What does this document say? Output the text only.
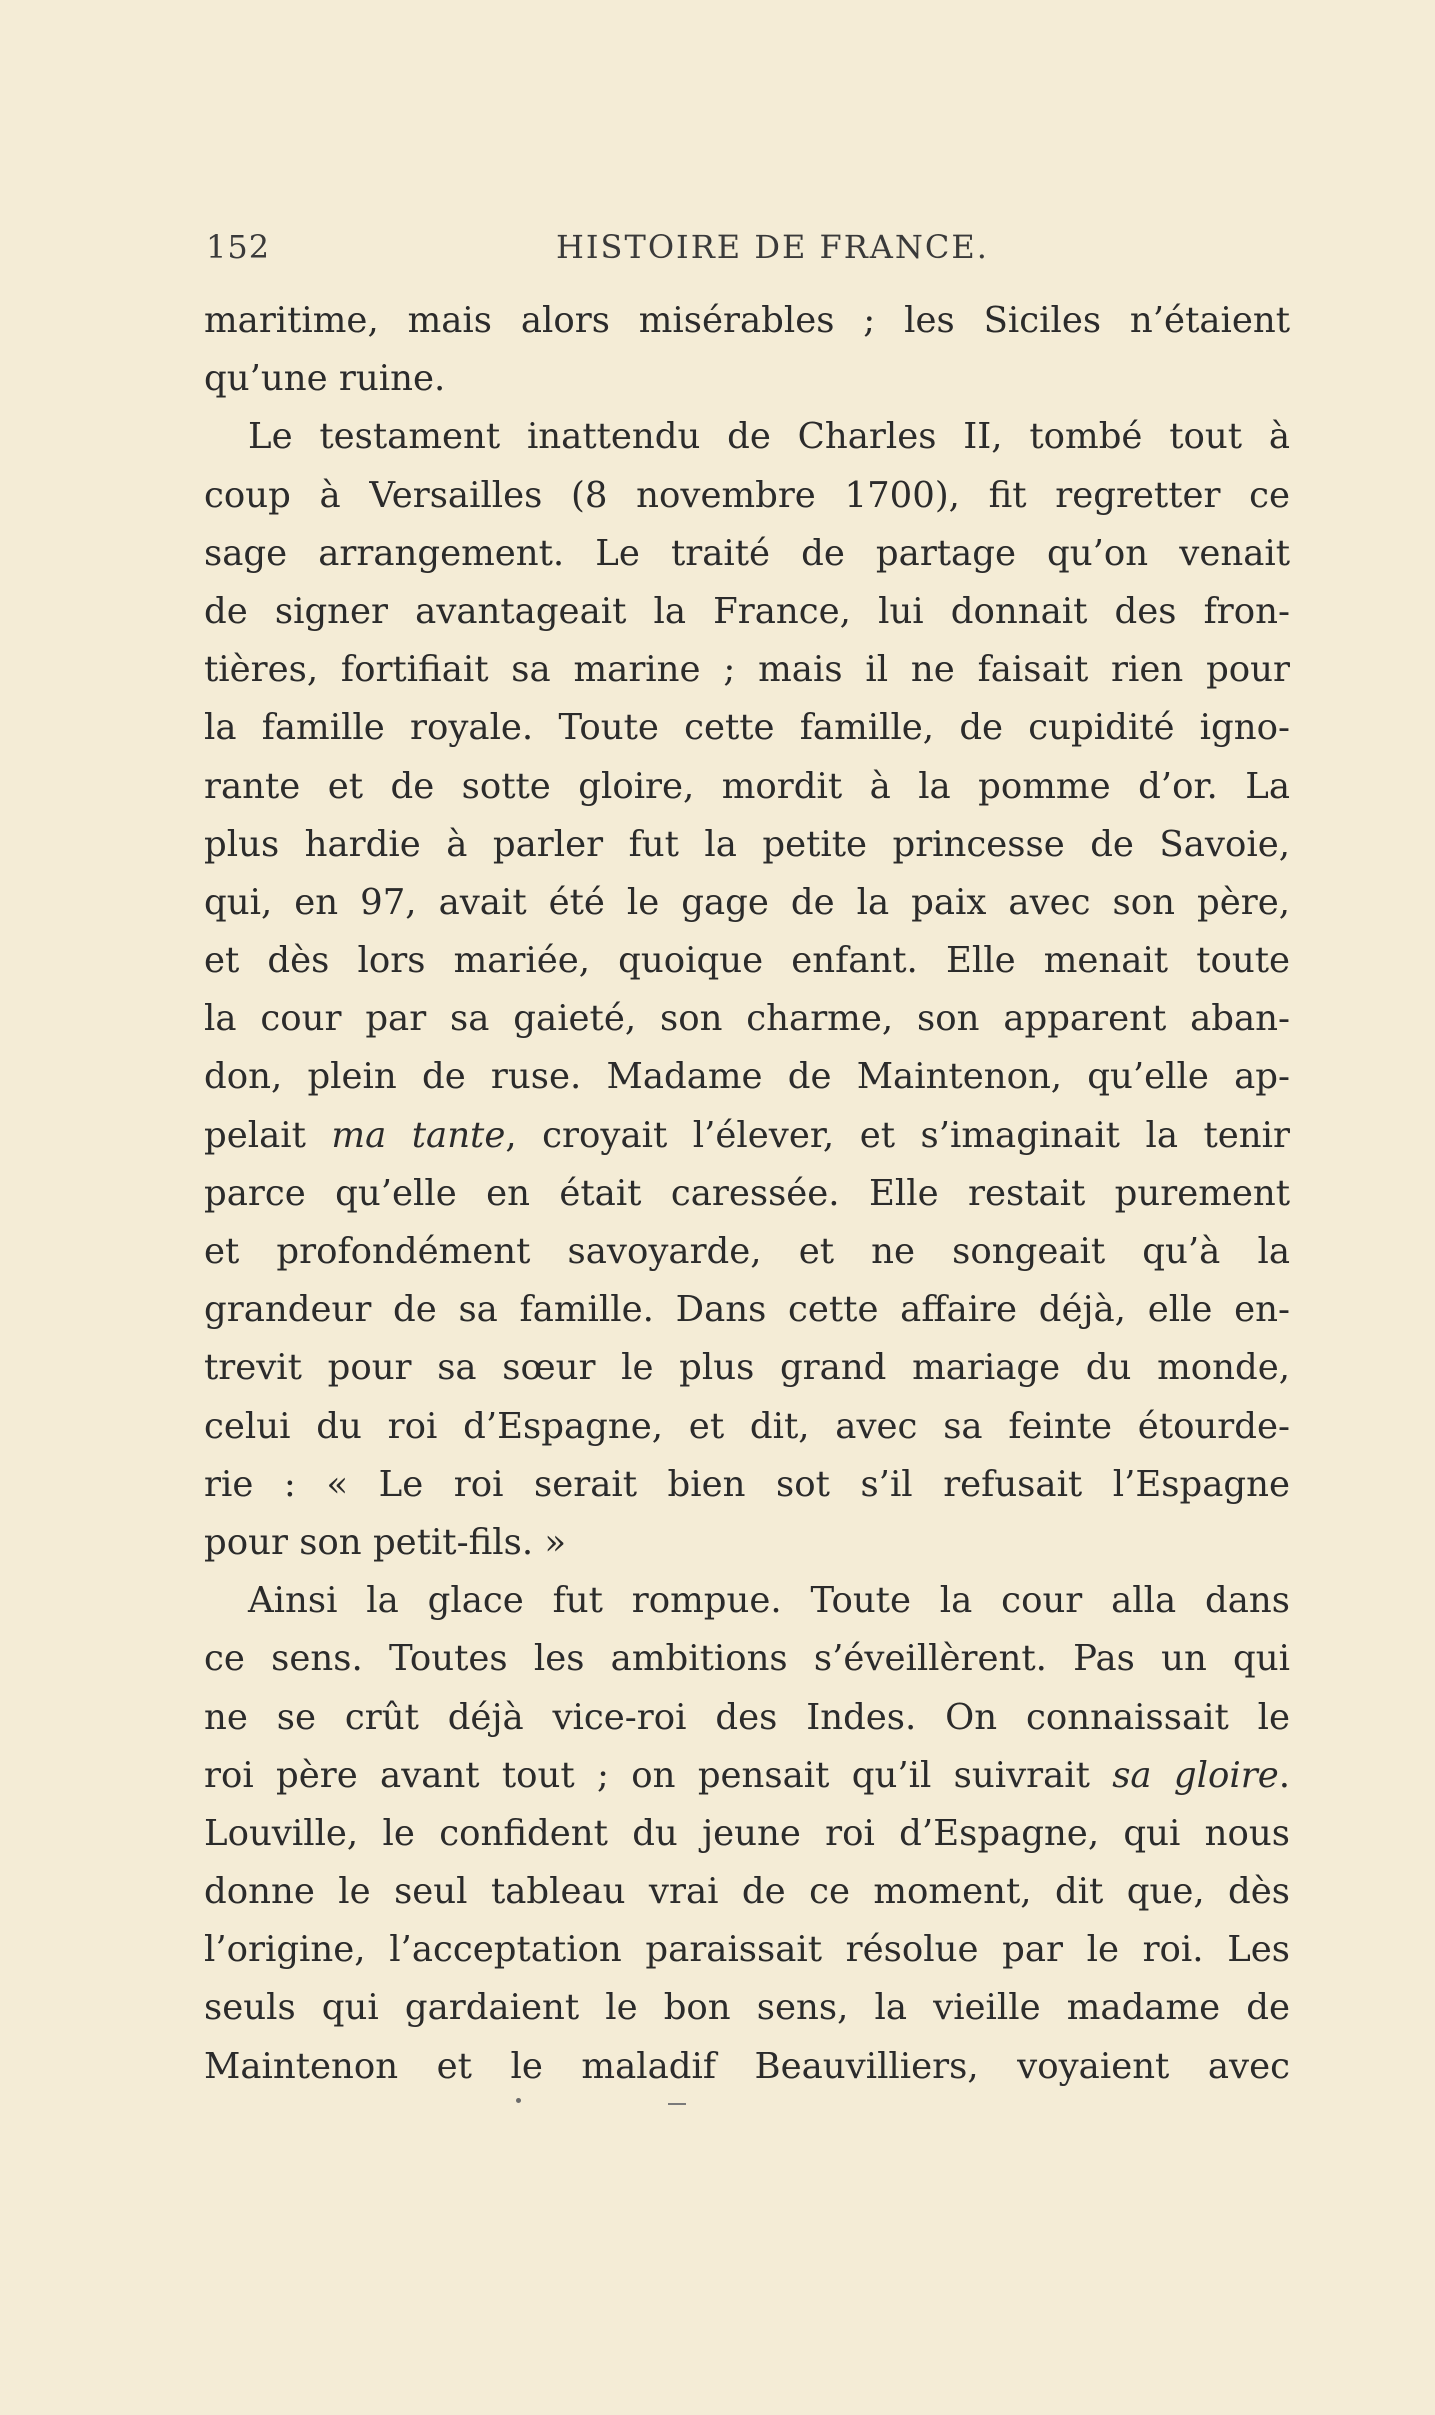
152	HISTOIRE DE FRANCE.
maritime, mais alors misérables ; les Siciles n’étaient
qu’une ruine.
Le testament inattendu de Charles II, tombé tout à
coup à Versailles (8 novembre 1700), fit regretter ce
sage arrangement. Le traité de partage qu’on venait
de signer avantageait la France, lui donnait des fron-
tières, fortifiait sa marine ; mais il ne faisait rien pour
la famille royale. Toute cette famille, de cupidité igno-
rante et de sotte gloire, mordit à la pomme d’or. La
plus hardie à parler fut la petite princesse de Savoie,
qui, en 97, avait été le gage de la paix avec son père,
et dès lors mariée, quoique enfant. Elle menait toute
la cour par sa gaieté, son charme, son apparent aban-
don, plein de ruse. Madame de Maintenon, qu’elle ap-
pelait ma tante, croyait l’élever, et s’imaginait la tenir
parce qu’elle en était caressée. Elle restait purement
et profondément savoyarde, et ne songeait qu’à la
grandeur de sa famille. Dans cette affaire déjà, elle en-
trevit pour sa sœur le plus grand mariage du monde,
celui du roi d’Espagne, et dit, avec sa feinte étourde-
rie : « Le roi serait bien sot s’il refusait l’Espagne
pour son petit-fils. »
Ainsi la glace fut rompue. Toute la cour alla dans
ce sens. Toutes les ambitions s’éveillèrent. Pas un qui
ne se crût déjà vice-roi des Indes. On connaissait le
roi père avant tout ; on pensait qu’il suivrait sa gloire.
Louville, le confident du jeune roi d’Espagne, qui nous
donne le seul tableau vrai de ce moment, dit que, dès
l’origine, l’acceptation paraissait résolue par le roi. Les
seuls qui gardaient le bon sens, la vieille madame de
Maintenon et le maladif Beauvilliers, voyaient avec
